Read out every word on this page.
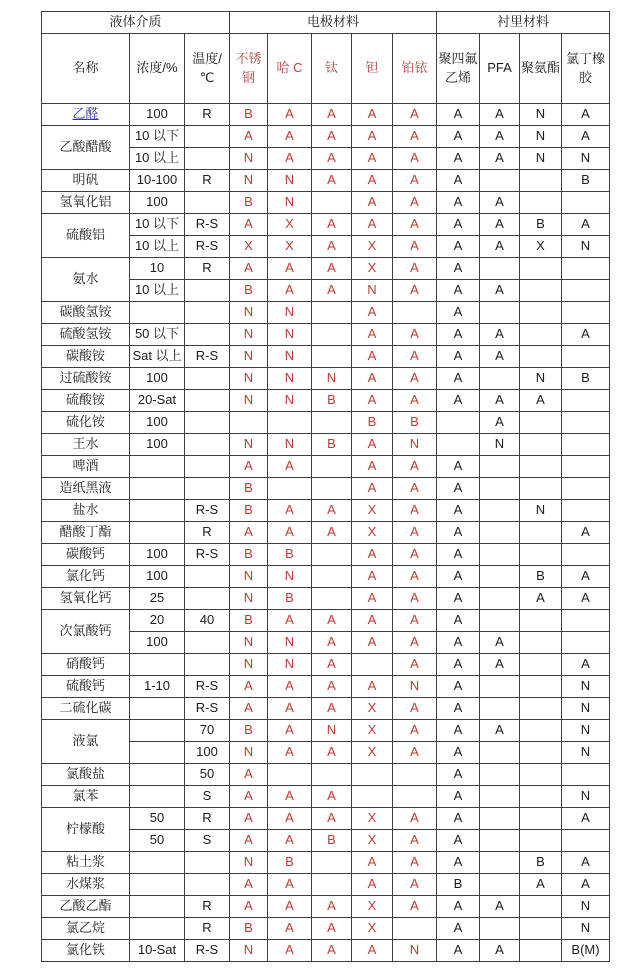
液体介质			电极材料					衬里材料			
名称	浓度/%	温度/℃	不锈钢	哈 C	钛	钽	铂铱	聚四氟乙烯	PFA	聚氨酯	氯丁橡胶
乙醛	100	R	B	A	A	A	A	A	A	N	A
乙酸醋酸	10 以下		A	A	A	A	A	A	A	N	A
	10 以上		N	A	A	A	A	A	A	N	N
明矾	10-100	R	N	N	A	A	A	A			B
氢氧化铝	100		B	N		A	A	A	A		
硫酸铝	10 以下	R-S	A	X	A	A	A	A	A	B	A
	10 以上	R-S	X	X	A	X	A	A	A	X	N
氨水	10	R	A	A	A	X	A	A			
	10 以上		B	A	A	N	A	A	A		
碳酸氢铵			N	N		A		A			
硫酸氢铵	50 以下		N	N		A	A	A	A		A
碳酸铵	Sat 以上	R-S	N	N		A	A	A	A		
过硫酸铵	100		N	N	N	A	A	A		N	B
硫酸铵	20-Sat		N	N	B	A	A	A	A	A	
硫化铵	100					B	B		A		
王水	100		N	N	B	A	N		N		
啤酒			A	A		A	A	A			
造纸黑液			B			A	A	A			
盐水		R-S	B	A	A	X	A	A		N	
醋酸丁酯		R	A	A	A	X	A	A			A
碳酸钙	100	R-S	B	B		A	A	A			
氯化钙	100		N	N		A	A	A		B	A
氢氧化钙	25		N	B		A	A	A		A	A
次氯酸钙	20	40	B	A	A	A	A	A			
	100		N	N	A	A	A	A	A		
硝酸钙			N	N	A		A	A	A		A
硫酸钙	1-10	R-S	A	A	A	A	N	A			N
二硫化碳		R-S	A	A	A	X	A	A			N
液氯		70	B	A	N	X	A	A	A		N
		100	N	A	A	X	A	A			N
氯酸盐		50	A					A			
氯苯		S	A	A	A			A			N
柠檬酸	50	R	A	A	A	X	A	A			A
	50	S	A	A	B	X	A	A			
粘土浆			N	B		A	A	A		B	A
水煤浆			A	A		A	A	B		A	A
乙酸乙酯		R	A	A	A	X	A	A	A		N
氯乙烷		R	B	A	A	X		A			N
氯化铁	10-Sat	R-S	N	A	A	A	N	A	A		B(M)
